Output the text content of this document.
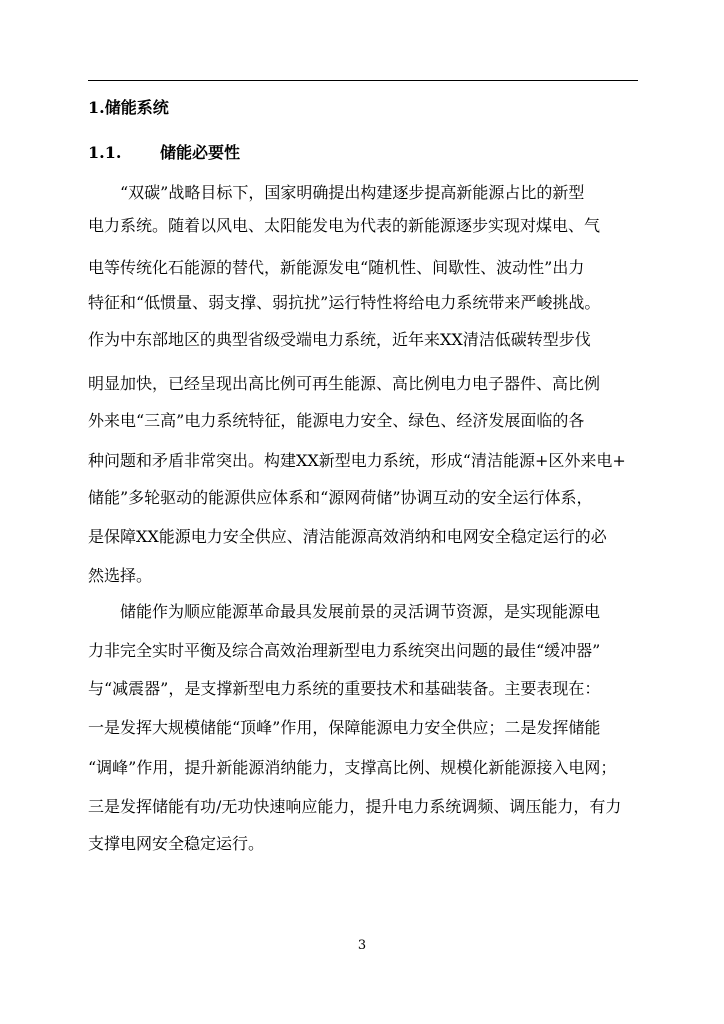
1.储能系统
1.1. 储能必要性
“双碳”战略目标下，国家明确提出构建逐步提高新能源占比的新型
电力系统。随着以风电、太阳能发电为代表的新能源逐步实现对煤电、气
电等传统化石能源的替代，新能源发电“随机性、间歇性、波动性”出力
特征和“低惯量、弱支撑、弱抗扰”运行特性将给电力系统带来严峻挑战。
作为中东部地区的典型省级受端电力系统，近年来XX清洁低碳转型步伐
明显加快，已经呈现出高比例可再生能源、高比例电力电子器件、高比例
外来电“三高”电力系统特征，能源电力安全、绿色、经济发展面临的各
种问题和矛盾非常突出。构建XX新型电力系统，形成“清洁能源+区外来电+
储能”多轮驱动的能源供应体系和“源网荷储”协调互动的安全运行体系，
是保障XX能源电力安全供应、清洁能源高效消纳和电网安全稳定运行的必
然选择。
储能作为顺应能源革命最具发展前景的灵活调节资源，是实现能源电
力非完全实时平衡及综合高效治理新型电力系统突出问题的最佳“缓冲器”
与“减震器”，是支撑新型电力系统的重要技术和基础装备。主要表现在：
一是发挥大规模储能“顶峰”作用，保障能源电力安全供应；二是发挥储能
“调峰”作用，提升新能源消纳能力，支撑高比例、规模化新能源接入电网；
三是发挥储能有功/无功快速响应能力，提升电力系统调频、调压能力，有力
支撑电网安全稳定运行。
3
